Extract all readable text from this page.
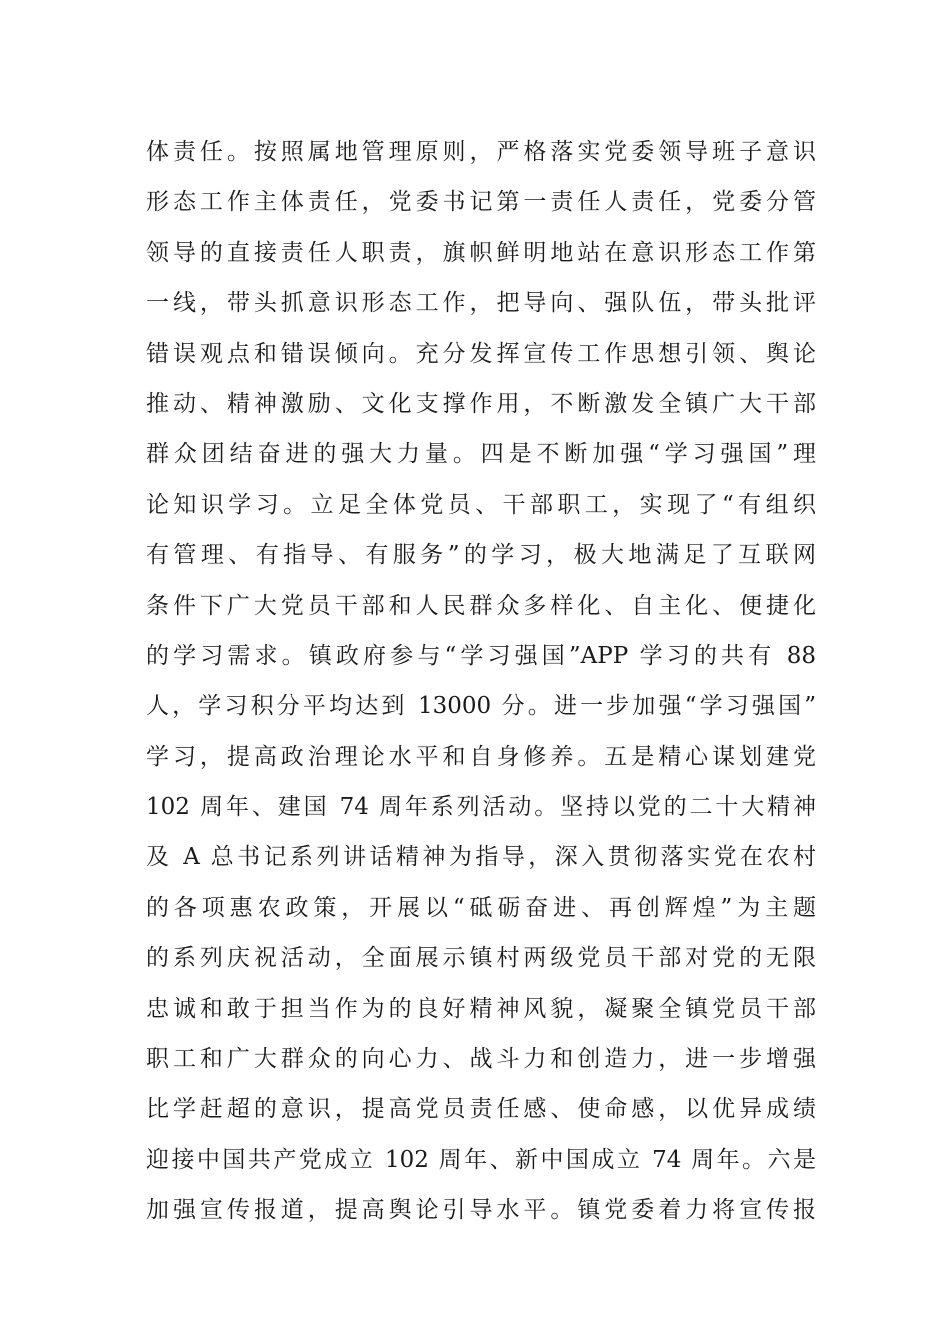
体责任。按照属地管理原则，严格落实党委领导班子意识
形态工作主体责任，党委书记第一责任人责任，党委分管
领导的直接责任人职责，旗帜鲜明地站在意识形态工作第
一线，带头抓意识形态工作，把导向、强队伍，带头批评
错误观点和错误倾向。充分发挥宣传工作思想引领、舆论
推动、精神激励、文化支撑作用，不断激发全镇广大干部
群众团结奋进的强大力量。四是不断加强“学习强国”理
论知识学习。立足全体党员、干部职工，实现了“有组织
有管理、有指导、有服务”的学习，极大地满足了互联网
条件下广大党员干部和人民群众多样化、自主化、便捷化
的学习需求。镇政府参与“学习强国”APP 学习的共有 88
人，学习积分平均达到 13000 分。进一步加强“学习强国”
学习，提高政治理论水平和自身修养。五是精心谋划建党
102 周年、建国 74 周年系列活动。坚持以党的二十大精神
及 A 总书记系列讲话精神为指导，深入贯彻落实党在农村
的各项惠农政策，开展以“砥砺奋进、再创辉煌”为主题
的系列庆祝活动，全面展示镇村两级党员干部对党的无限
忠诚和敢于担当作为的良好精神风貌，凝聚全镇党员干部
职工和广大群众的向心力、战斗力和创造力，进一步增强
比学赶超的意识，提高党员责任感、使命感，以优异成绩
迎接中国共产党成立 102 周年、新中国成立 74 周年。六是
加强宣传报道，提高舆论引导水平。镇党委着力将宣传报
